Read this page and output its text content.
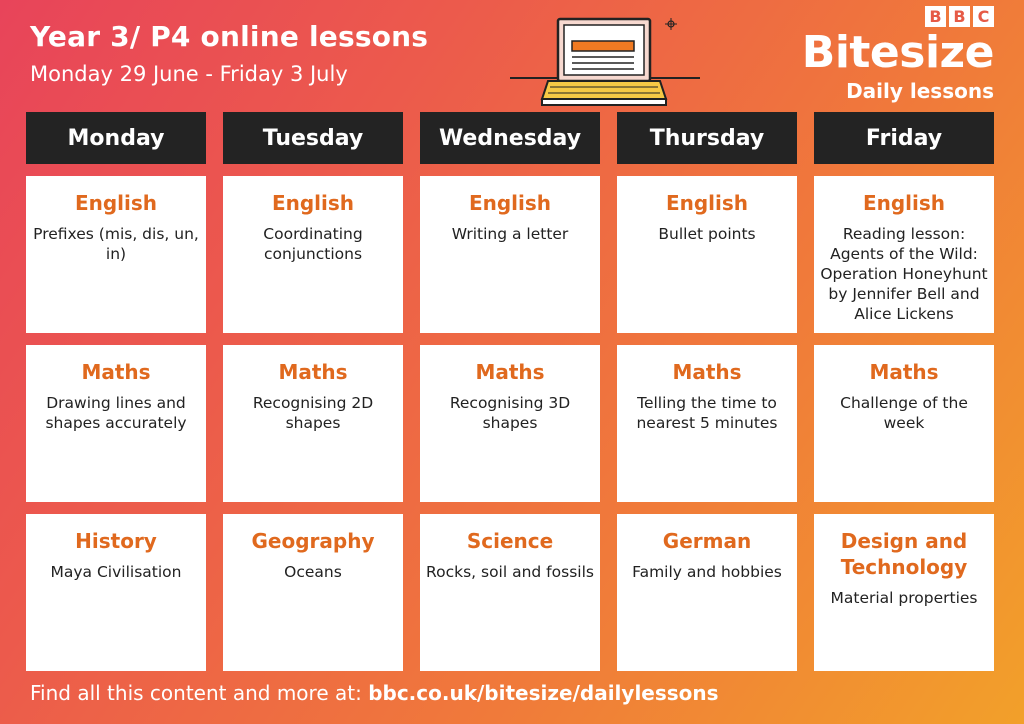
Year 3/ P4 online lessons
Monday 29 June - Friday 3 July
B B C
Bitesize
Daily lessons
Monday
English
Prefixes (mis, dis, un, in)
Maths
Drawing lines and shapes accurately
History
Maya Civilisation
Tuesday
English
Coordinating conjunctions
Maths
Recognising 2D shapes
Geography
Oceans
Wednesday
English
Writing a letter
Maths
Recognising 3D shapes
Science
Rocks, soil and fossils
Thursday
English
Bullet points
Maths
Telling the time to nearest 5 minutes
German
Family and hobbies
Friday
English
Reading lesson: Agents of the Wild: Operation Honeyhunt by Jennifer Bell and Alice Lickens
Maths
Challenge of the week
Design and Technology
Material properties
Find all this content and more at: bbc.co.uk/bitesize/dailylessons
